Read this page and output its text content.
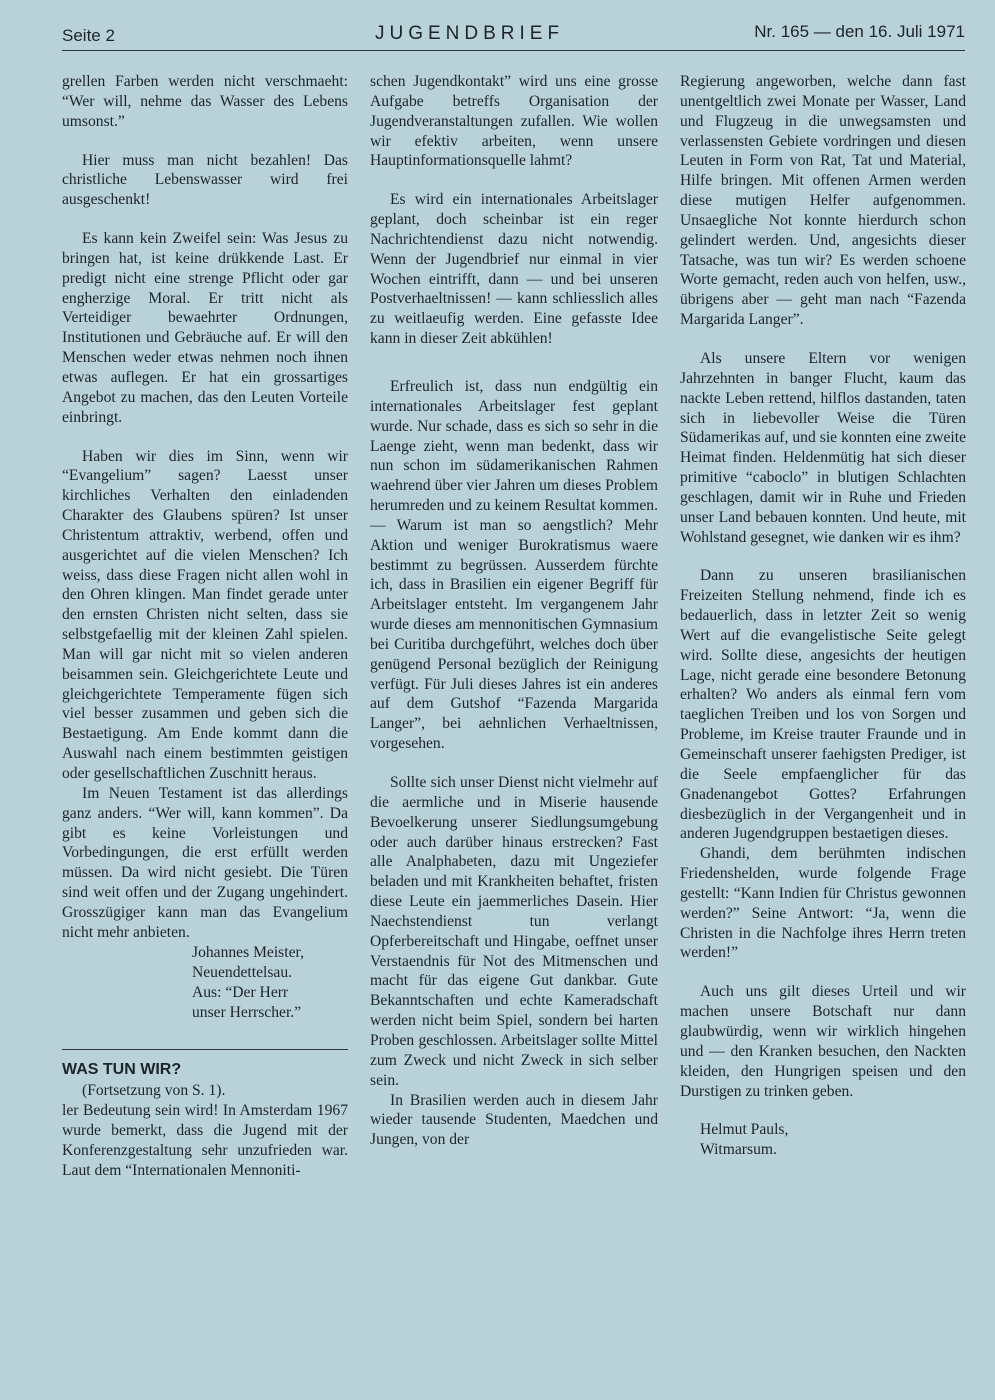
Seite 2	JUGENDBRIEF	Nr. 165 — den 16. Juli 1971

grellen Farben werden nicht verschmaeht: “Wer will, nehme das Wasser des Lebens umsonst.”

Hier muss man nicht bezahlen! Das christliche Lebenswasser wird frei ausgeschenkt!

Es kann kein Zweifel sein: Was Jesus zu bringen hat, ist keine drükkende Last. Er predigt nicht eine strenge Pflicht oder gar engherzige Moral. Er tritt nicht als Verteidiger bewaehrter Ordnungen, Institutionen und Gebräuche auf. Er will den Menschen weder etwas nehmen noch ihnen etwas auflegen. Er hat ein grossartiges Angebot zu machen, das den Leuten Vorteile einbringt.

Haben wir dies im Sinn, wenn wir “Evangelium” sagen? Laesst unser kirchliches Verhalten den einladenden Charakter des Glaubens spüren? Ist unser Christentum attraktiv, werbend, offen und ausgerichtet auf die vielen Menschen? Ich weiss, dass diese Fragen nicht allen wohl in den Ohren klingen. Man findet gerade unter den ernsten Christen nicht selten, dass sie selbstgefaellig mit der kleinen Zahl spielen. Man will gar nicht mit so vielen anderen beisammen sein. Gleichgerichtete Leute und gleichgerichtete Temperamente fügen sich viel besser zusammen und geben sich die Bestaetigung. Am Ende kommt dann die Auswahl nach einem bestimmten geistigen oder gesellschaftlichen Zuschnitt heraus.

Im Neuen Testament ist das allerdings ganz anders. “Wer will, kann kommen”. Da gibt es keine Vorleistungen und Vorbedingungen, die erst erfüllt werden müssen. Da wird nicht gesiebt. Die Türen sind weit offen und der Zugang ungehindert. Grosszügiger kann man das Evangelium nicht mehr anbieten.

Johannes Meister,

Neuendettelsau.

Aus: “Der Herr

unser Herrscher.”

WAS TUN WIR?

(Fortsetzung von S. 1).

ler Bedeutung sein wird! In Amsterdam 1967 wurde bemerkt, dass die Jugend mit der Konferenzgestaltung sehr unzufrieden war. Laut dem “Internationalen Mennoniti-

schen Jugendkontakt” wird uns eine grosse Aufgabe betreffs Organisation der Jugendveranstaltungen zufallen. Wie wollen wir efektiv arbeiten, wenn unsere Hauptinformationsquelle lahmt?

Es wird ein internationales Arbeitslager geplant, doch scheinbar ist ein reger Nachrichtendienst dazu nicht notwendig. Wenn der Jugendbrief nur einmal in vier Wochen eintrifft, dann — und bei unseren Postverhaeltnissen! — kann schliesslich alles zu weitlaeufig werden. Eine gefasste Idee kann in dieser Zeit abkühlen!

Erfreulich ist, dass nun endgültig ein internationales Arbeitslager fest geplant wurde. Nur schade, dass es sich so sehr in die Laenge zieht, wenn man bedenkt, dass wir nun schon im südamerikanischen Rahmen waehrend über vier Jahren um dieses Problem herumreden und zu keinem Resultat kommen. — Warum ist man so aengstlich? Mehr Aktion und weniger Burokratismus waere bestimmt zu begrüssen. Ausserdem fürchte ich, dass in Brasilien ein eigener Begriff für Arbeitslager entsteht. Im vergangenem Jahr wurde dieses am mennonitischen Gymnasium bei Curitiba durchgeführt, welches doch über genügend Personal bezüglich der Reinigung verfügt. Für Juli dieses Jahres ist ein anderes auf dem Gutshof “Fazenda Margarida Langer”, bei aehnlichen Verhaeltnissen, vorgesehen.

Sollte sich unser Dienst nicht vielmehr auf die aermliche und in Miserie hausende Bevoelkerung unserer Siedlungsumgebung oder auch darüber hinaus erstrecken? Fast alle Analphabeten, dazu mit Ungeziefer beladen und mit Krankheiten behaftet, fristen diese Leute ein jaemmerliches Dasein. Hier Naechstendienst tun verlangt Opferbereitschaft und Hingabe, oeffnet unser Verstaendnis für Not des Mitmenschen und macht für das eigene Gut dankbar. Gute Bekanntschaften und echte Kameradschaft werden nicht beim Spiel, sondern bei harten Proben geschlossen. Arbeitslager sollte Mittel zum Zweck und nicht Zweck in sich selber sein.

In Brasilien werden auch in diesem Jahr wieder tausende Studenten, Maedchen und Jungen, von der

Regierung angeworben, welche dann fast unentgeltlich zwei Monate per Wasser, Land und Flugzeug in die unwegsamsten und verlassensten Gebiete vordringen und diesen Leuten in Form von Rat, Tat und Material, Hilfe bringen. Mit offenen Armen werden diese mutigen Helfer aufgenommen. Unsaegliche Not konnte hierdurch schon gelindert werden. Und, angesichts dieser Tatsache, was tun wir? Es werden schoene Worte gemacht, reden auch von helfen, usw., übrigens aber — geht man nach “Fazenda Margarida Langer”.

Als unsere Eltern vor wenigen Jahrzehnten in banger Flucht, kaum das nackte Leben rettend, hilflos dastanden, taten sich in liebevoller Weise die Türen Südamerikas auf, und sie konnten eine zweite Heimat finden. Heldenmütig hat sich dieser primitive “caboclo” in blutigen Schlachten geschlagen, damit wir in Ruhe und Frieden unser Land bebauen konnten. Und heute, mit Wohlstand gesegnet, wie danken wir es ihm?

Dann zu unseren brasilianischen Freizeiten Stellung nehmend, finde ich es bedauerlich, dass in letzter Zeit so wenig Wert auf die evangelistische Seite gelegt wird. Sollte diese, angesichts der heutigen Lage, nicht gerade eine besondere Betonung erhalten? Wo anders als einmal fern vom taeglichen Treiben und los von Sorgen und Probleme, im Kreise trauter Fraunde und in Gemeinschaft unserer faehigsten Prediger, ist die Seele empfaenglicher für das Gnadenangebot Gottes? Erfahrungen diesbezüglich in der Vergangenheit und in anderen Jugendgruppen bestaetigen dieses.

Ghandi, dem berühmten indischen Friedenshelden, wurde folgende Frage gestellt: “Kann Indien für Christus gewonnen werden?” Seine Antwort: “Ja, wenn die Christen in die Nachfolge ihres Herrn treten werden!”

Auch uns gilt dieses Urteil und wir machen unsere Botschaft nur dann glaubwürdig, wenn wir wirklich hingehen und — den Kranken besuchen, den Nackten kleiden, den Hungrigen speisen und den Durstigen zu trinken geben.

Helmut Pauls,

Witmarsum.
